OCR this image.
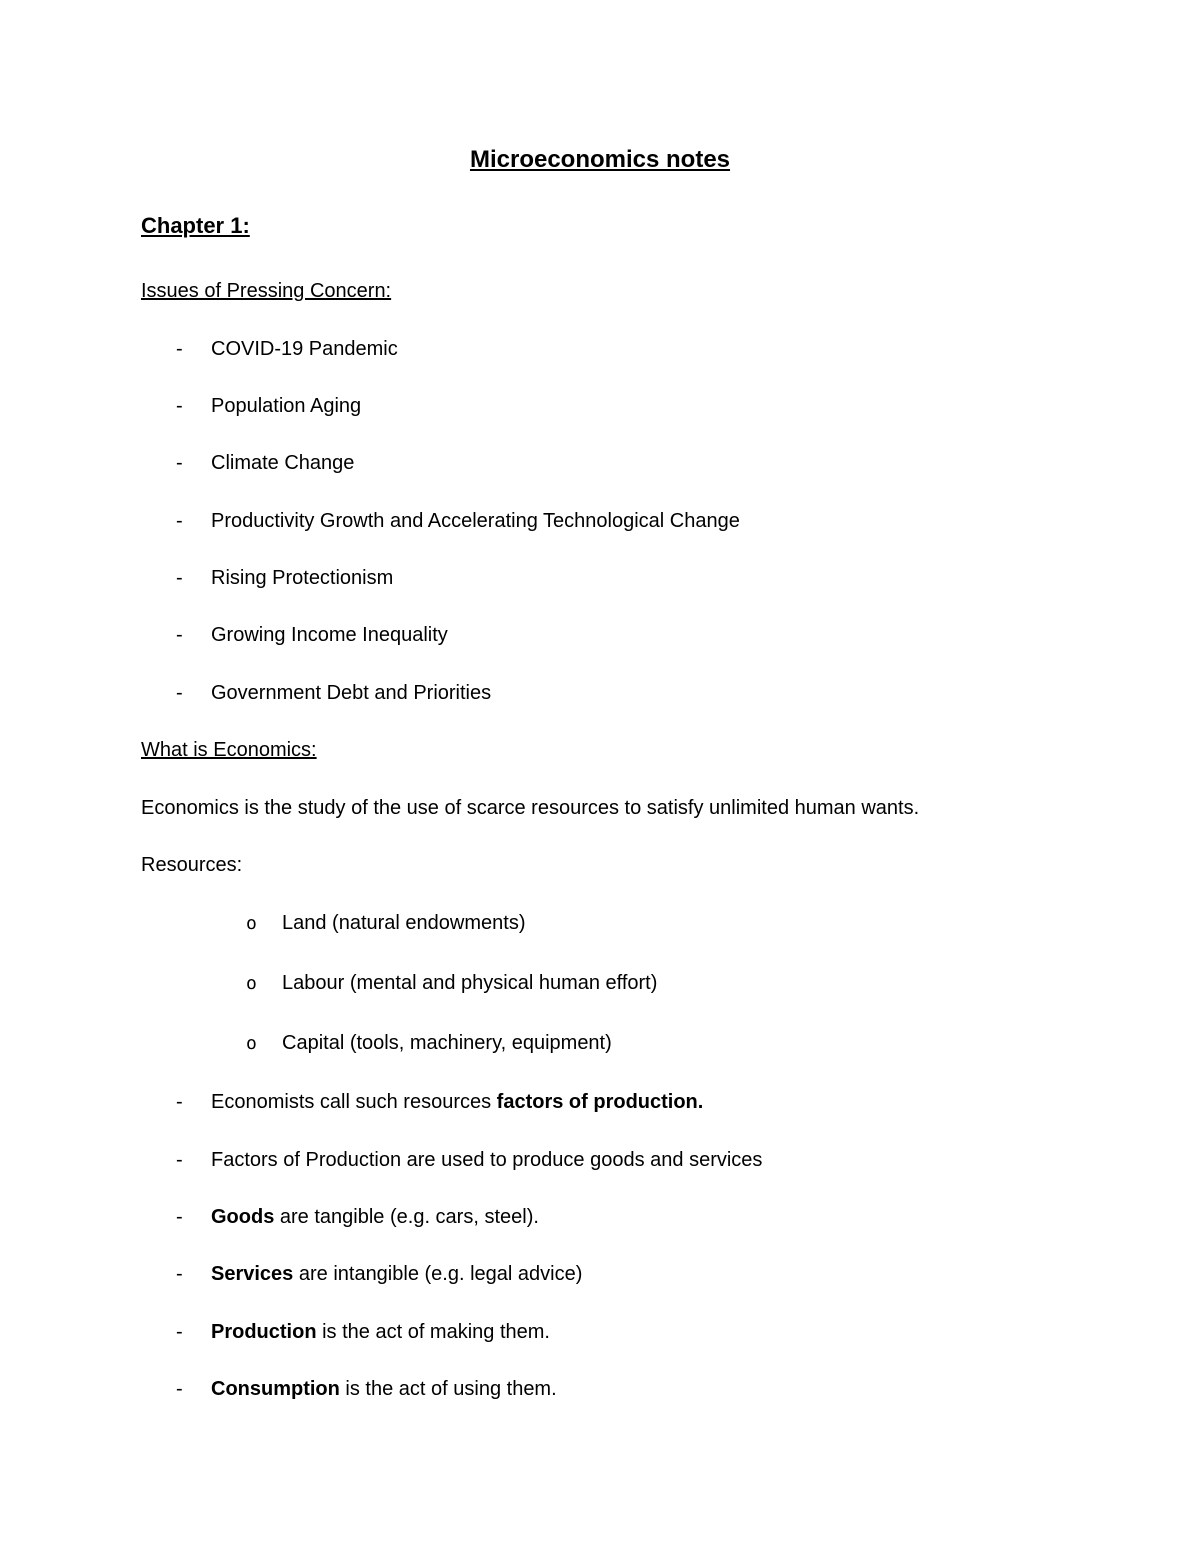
Microeconomics notes
Chapter 1:
Issues of Pressing Concern:
- COVID-19 Pandemic
- Population Aging
- Climate Change
- Productivity Growth and Accelerating Technological Change
- Rising Protectionism
- Growing Income Inequality
- Government Debt and Priorities
What is Economics:
Economics is the study of the use of scarce resources to satisfy unlimited human wants.
Resources:
o Land (natural endowments)
o Labour (mental and physical human effort)
o Capital (tools, machinery, equipment)
- Economists call such resources factors of production.
- Factors of Production are used to produce goods and services
- Goods are tangible (e.g. cars, steel).
- Services are intangible (e.g. legal advice)
- Production is the act of making them.
- Consumption is the act of using them.
